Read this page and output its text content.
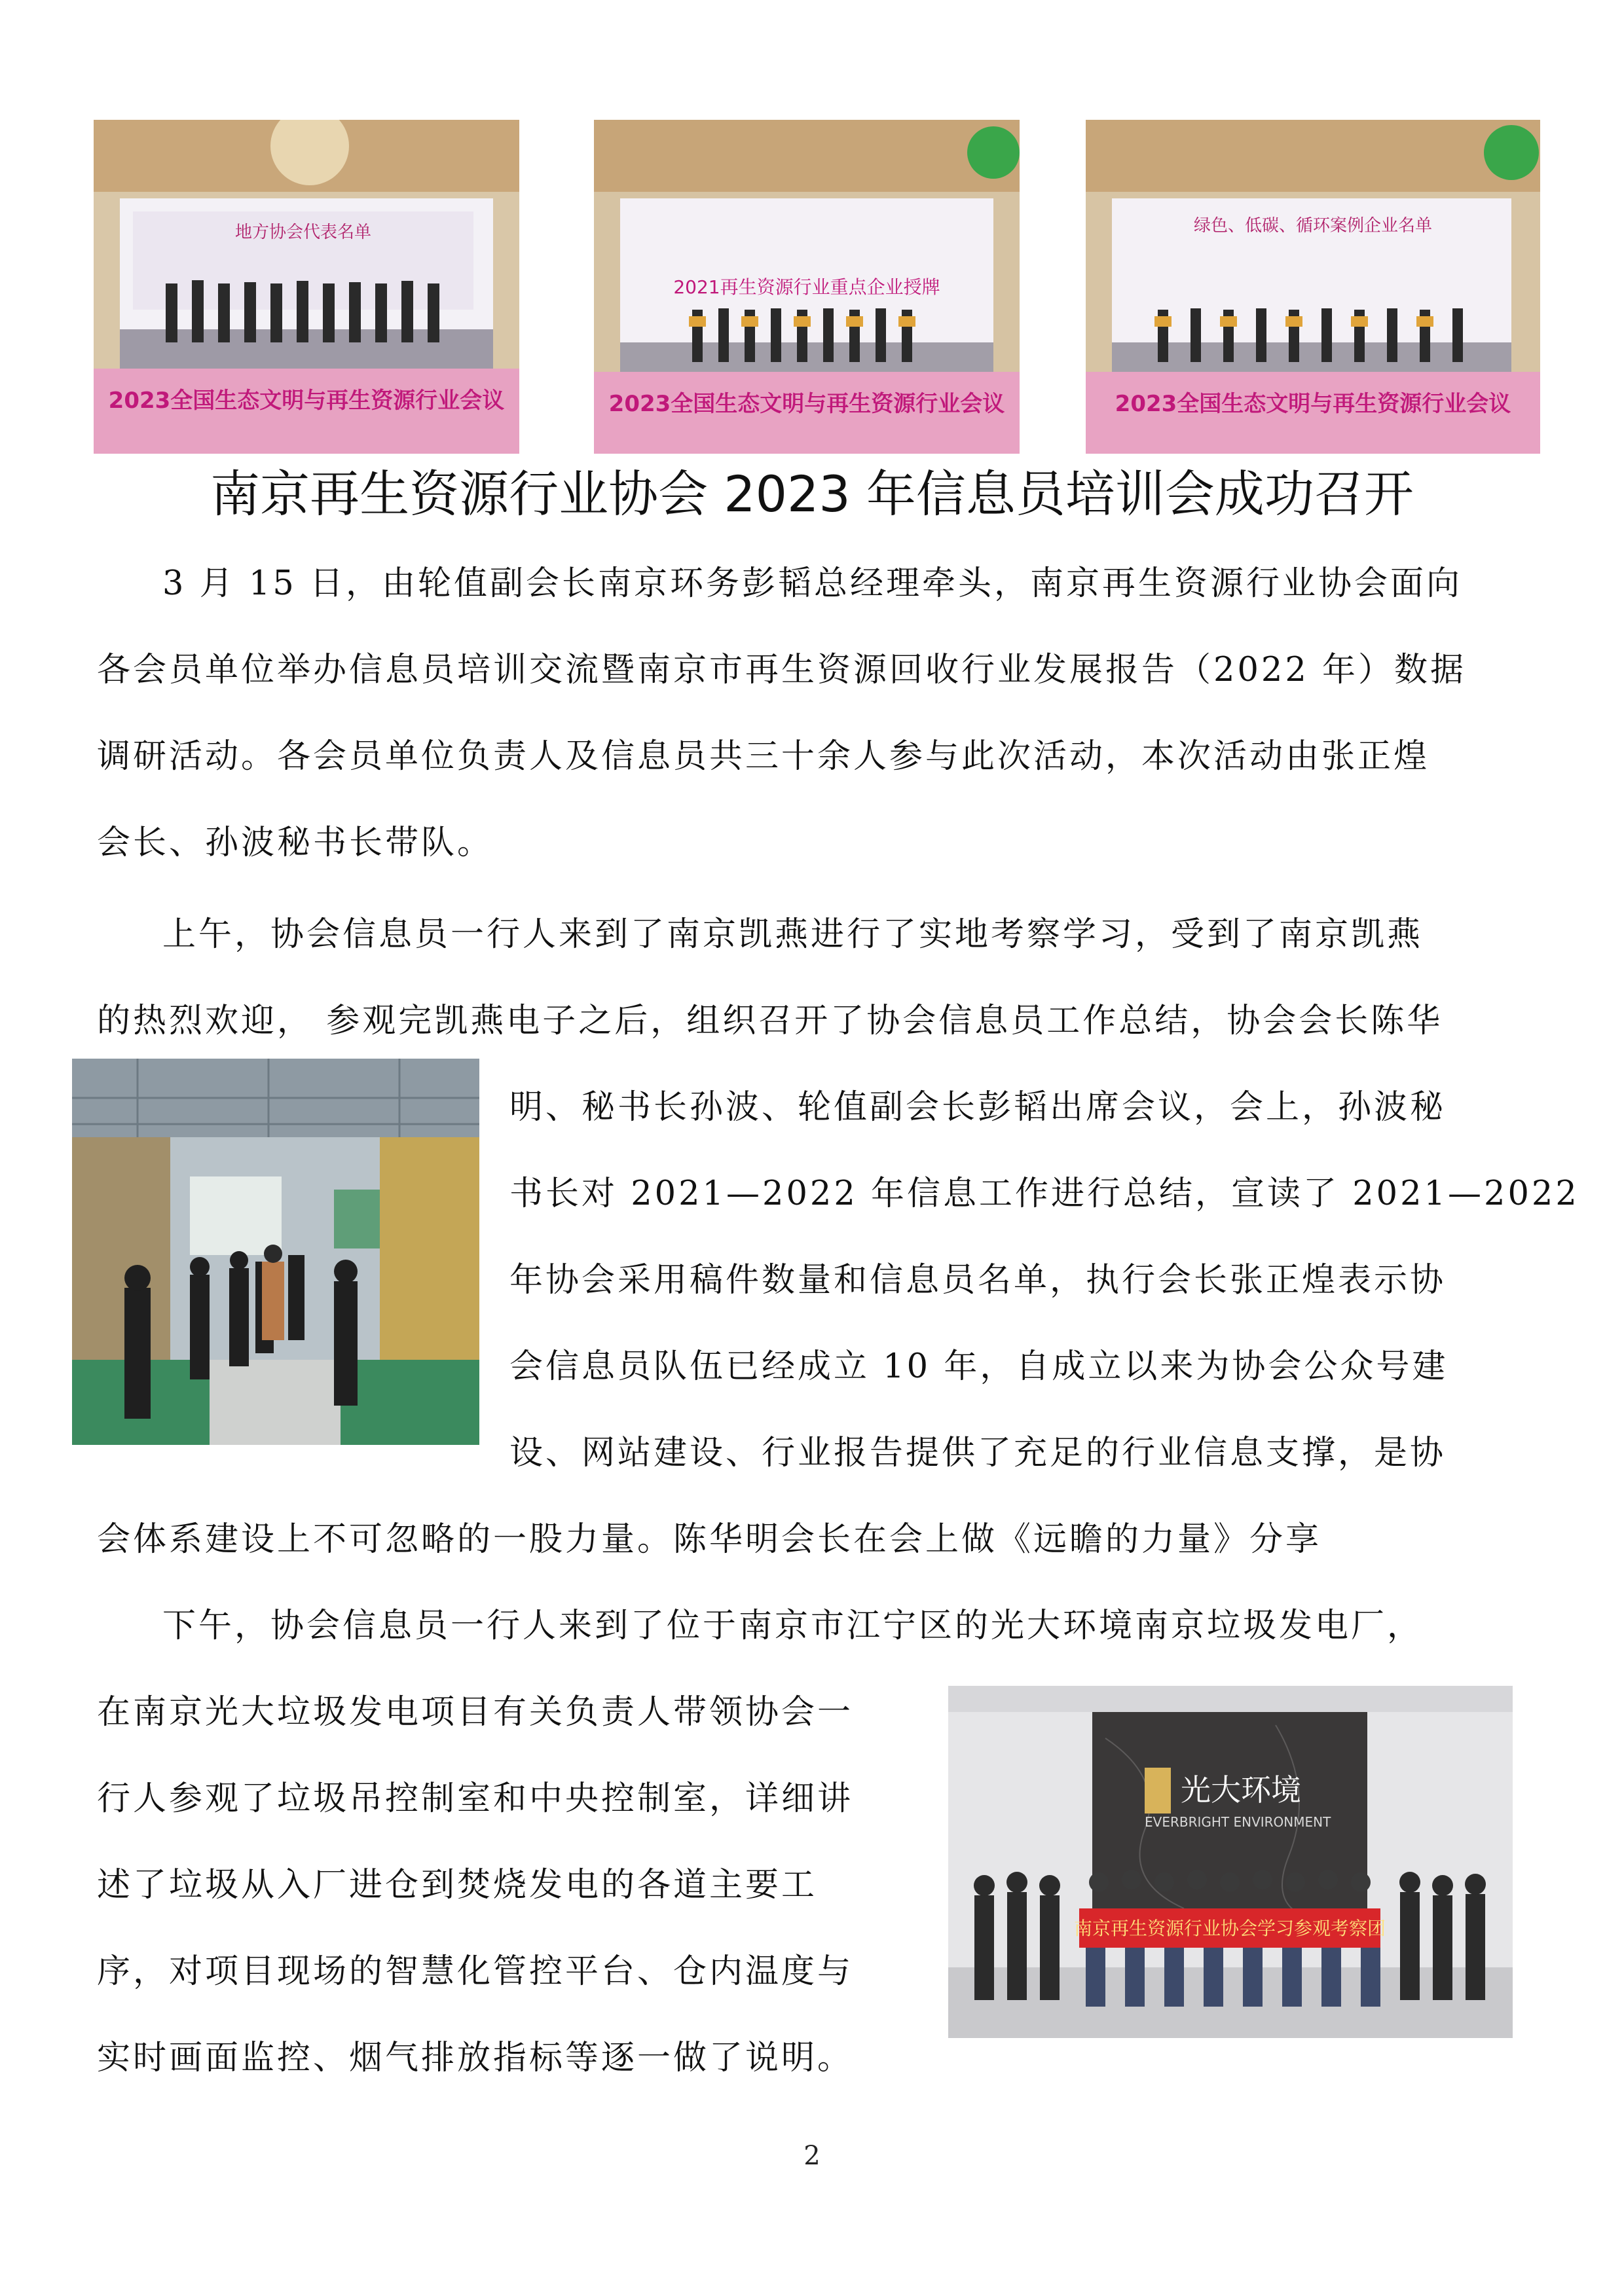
地方协会代表名单
2023全国生态文明与再生资源行业会议
2021再生资源行业重点企业授牌
2023全国生态文明与再生资源行业会议
绿色、低碳、循环案例企业名单
2023全国生态文明与再生资源行业会议
南京再生资源行业协会 2023 年信息员培训会成功召开
3 月 15 日，由轮值副会长南京环务彭韬总经理牵头，南京再生资源行业协会面向
各会员单位举办信息员培训交流暨南京市再生资源回收行业发展报告（2022 年）数据
调研活动。各会员单位负责人及信息员共三十余人参与此次活动，本次活动由张正煌
会长、孙波秘书长带队。
上午，协会信息员一行人来到了南京凯燕进行了实地考察学习，受到了南京凯燕
的热烈欢迎， 参观完凯燕电子之后，组织召开了协会信息员工作总结，协会会长陈华
明、秘书长孙波、轮值副会长彭韬出席会议，会上，孙波秘
书长对 2021—2022 年信息工作进行总结，宣读了 2021—2022
年协会采用稿件数量和信息员名单，执行会长张正煌表示协
会信息员队伍已经成立 10 年，自成立以来为协会公众号建
设、网站建设、行业报告提供了充足的行业信息支撑，是协
会体系建设上不可忽略的一股力量。陈华明会长在会上做《远瞻的力量》分享
下午，协会信息员一行人来到了位于南京市江宁区的光大环境南京垃圾发电厂，
在南京光大垃圾发电项目有关负责人带领协会一
行人参观了垃圾吊控制室和中央控制室，详细讲
述了垃圾从入厂进仓到焚烧发电的各道主要工
序，对项目现场的智慧化管控平台、仓内温度与
实时画面监控、烟气排放指标等逐一做了说明。
光大环境
EVERBRIGHT ENVIRONMENT
南京再生资源行业协会学习参观考察团
2
